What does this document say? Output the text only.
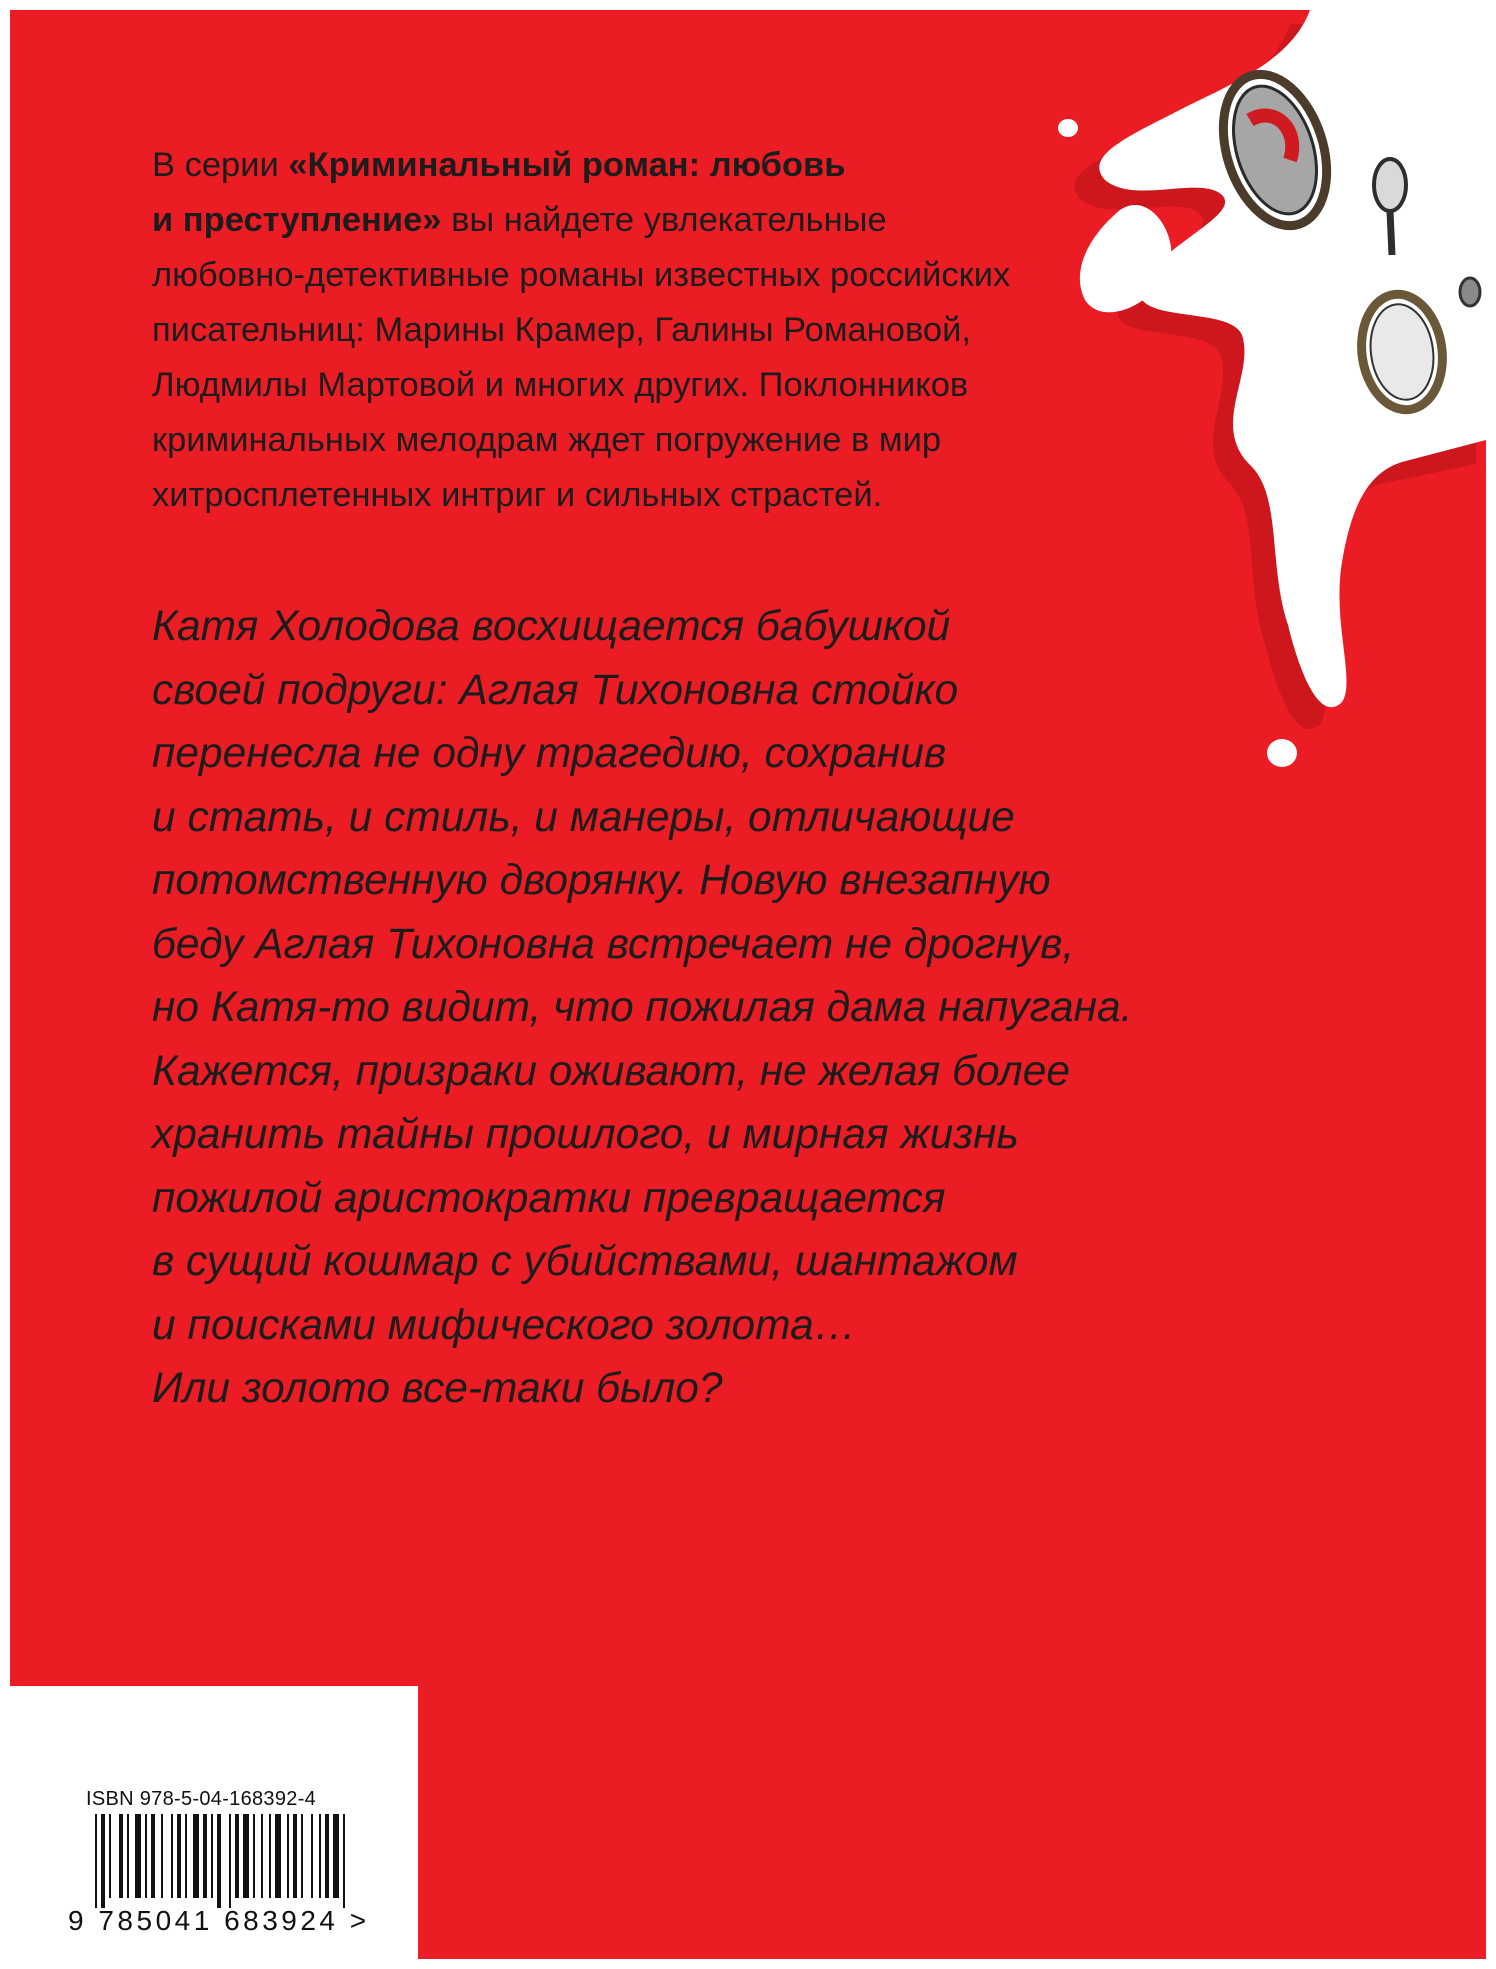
В серии «Криминальный роман: любовь
и преступление» вы найдете увлекательные
любовно-детективные романы известных российских
писательниц: Марины Крамер, Галины Романовой,
Людмилы Мартовой и многих других. Поклонников
криминальных мелодрам ждет погружение в мир
хитросплетенных интриг и сильных страстей.

Катя Холодова восхищается бабушкой

своей подруги: Аглая Тихоновна стойко

перенесла не одну трагедию, сохранив

и стать, и стиль, и манеры, отличающие

потомственную дворянку. Новую внезапную

беду Аглая Тихоновна встречает не дрогнув,

но Катя-то видит, что пожилая дама напугана.

Кажется, призраки оживают, не желая более

хранить тайны прошлого, и мирная жизнь

пожилой аристократки превращается

в сущий кошмар с убийствами, шантажом

и поисками мифического золота…

Или золото все-таки было?

ISBN 978-5-04-168392-4
9 785041 683924 >
